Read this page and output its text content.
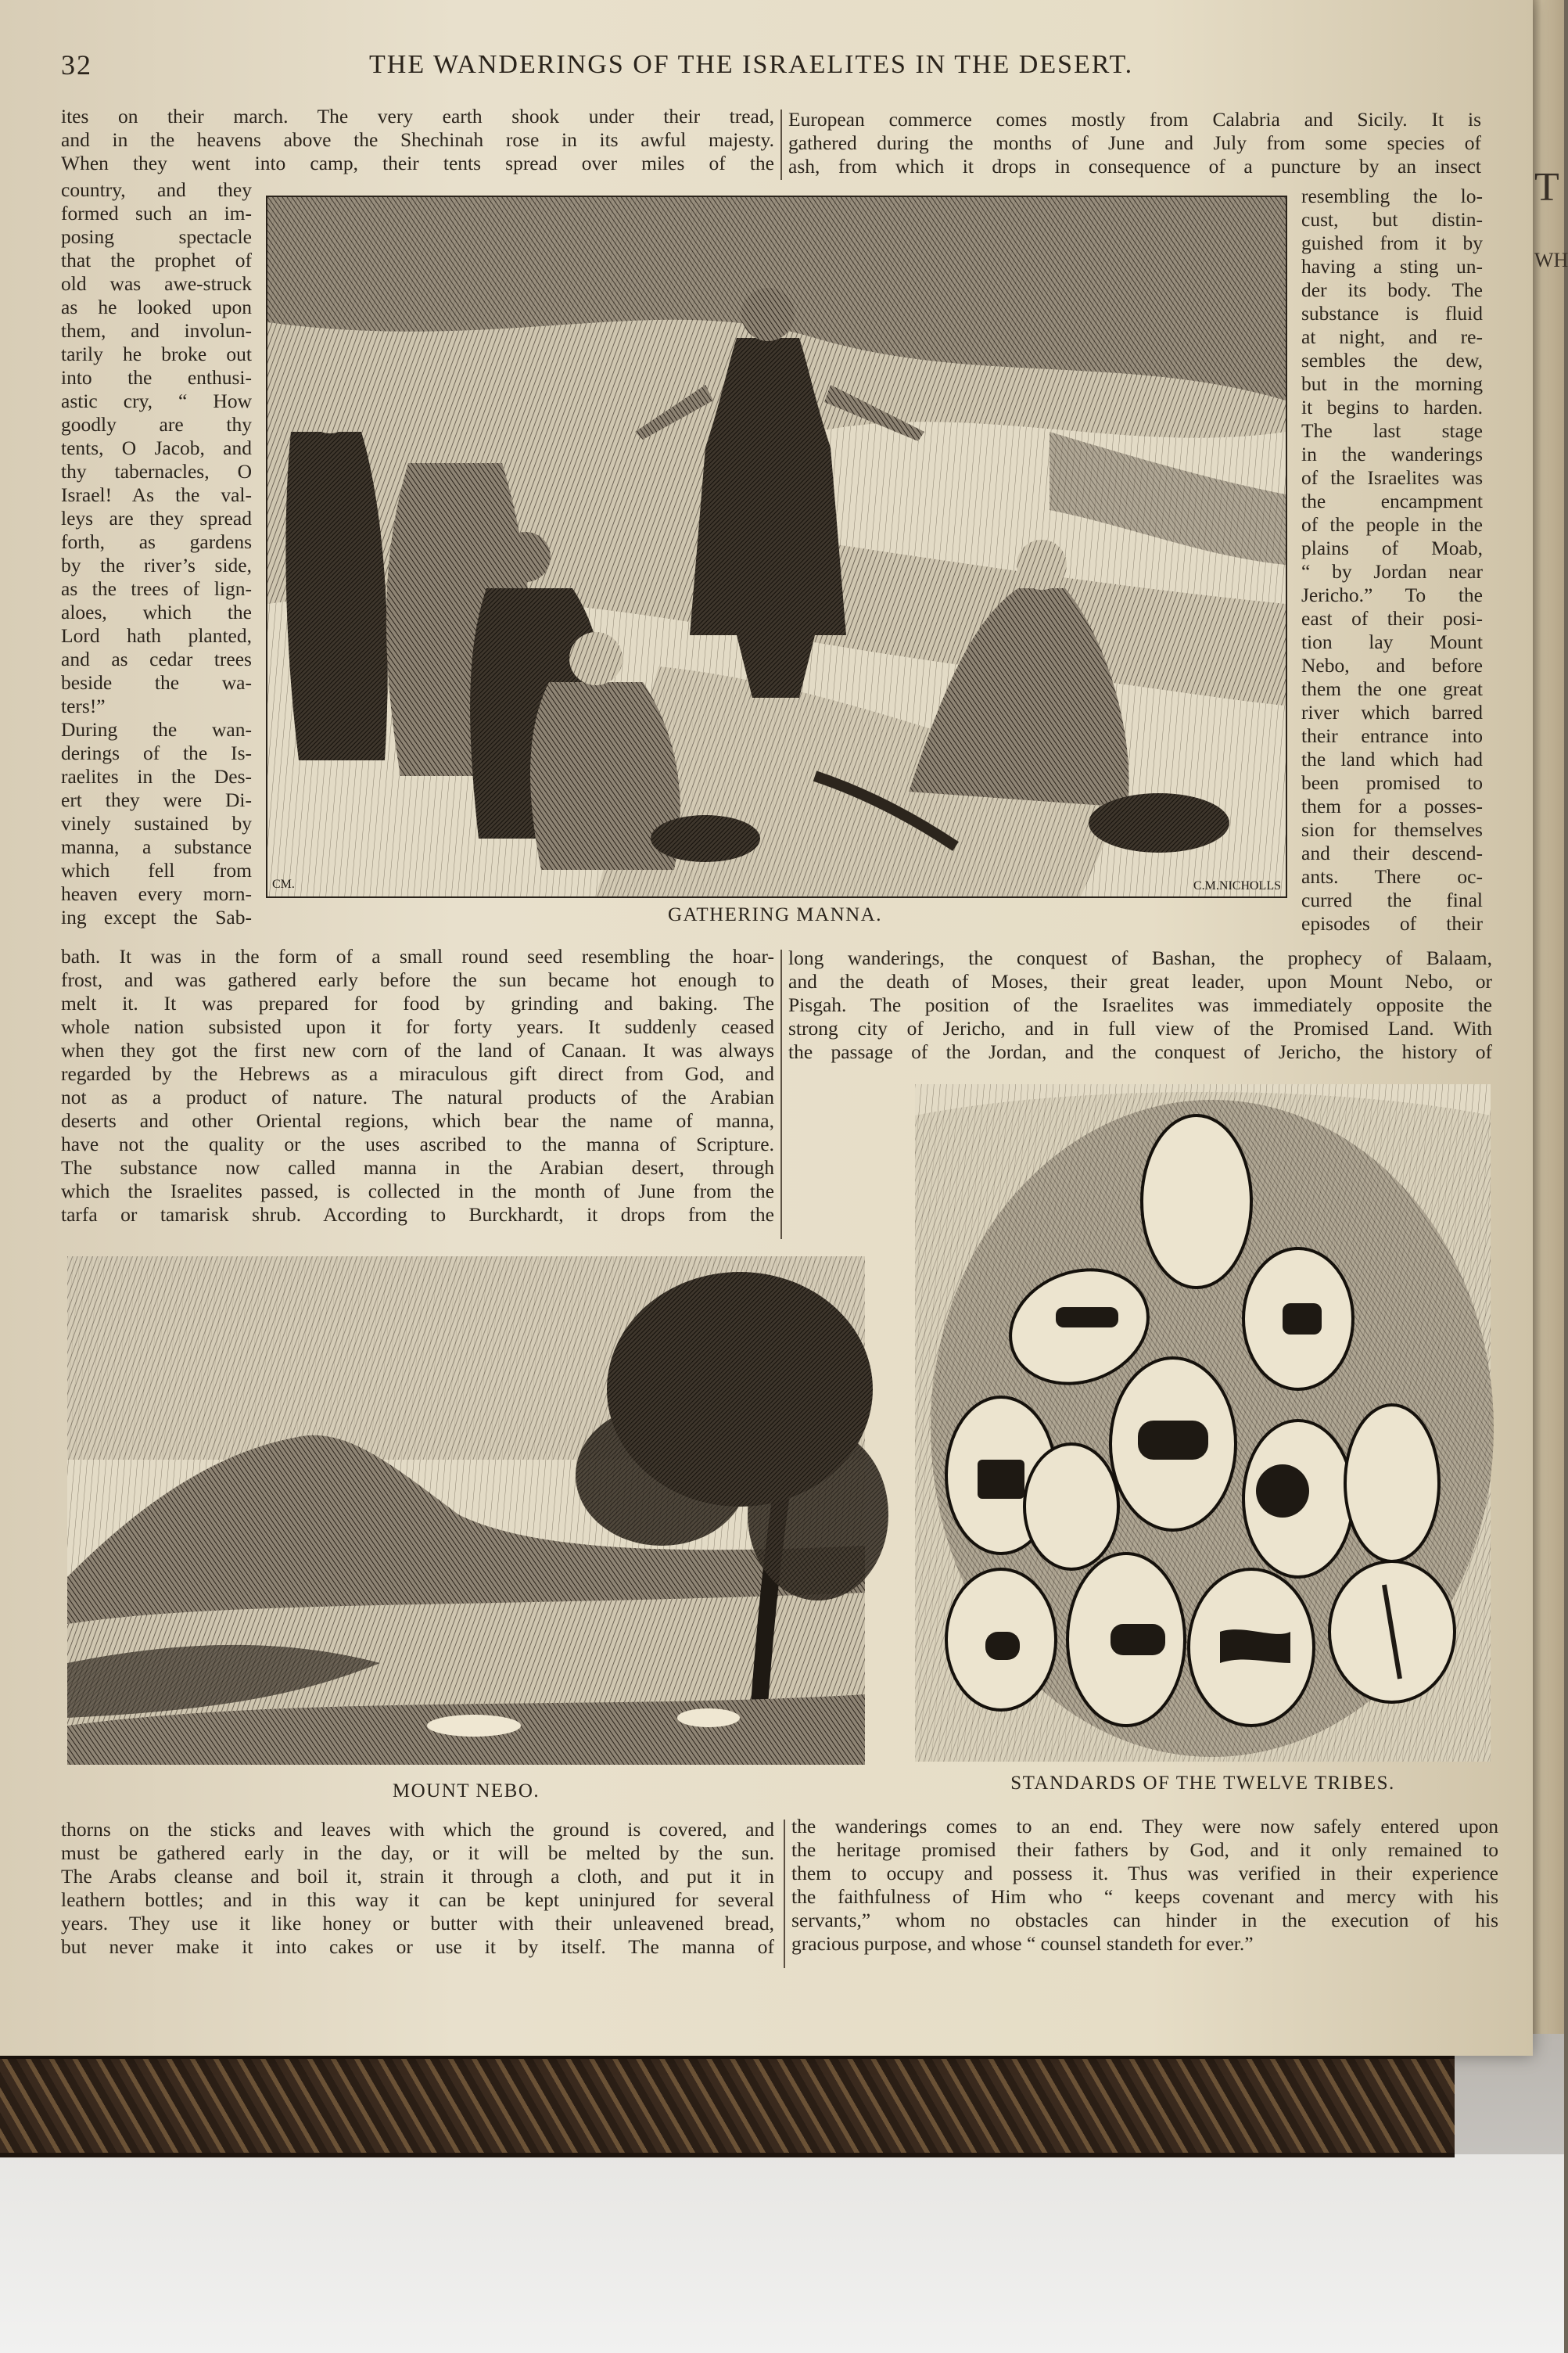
T
WH
32	THE WANDERINGS OF THE ISRAELITES IN THE DESERT.
ites on their march. The very earth shook under their tread,
and in the heavens above the Shechinah rose in its awful majesty.
When they went into camp, their tents spread over miles of the
European commerce comes mostly from Calabria and Sicily. It is
gathered during the months of June and July from some species of
ash, from which it drops in consequence of a puncture by an insect
country, and they
formed such an im-
posing spectacle
that the prophet of
old was awe-struck
as he looked upon
them, and involun-
tarily he broke out
into the enthusi-
astic cry, “ How
goodly are thy
tents, O Jacob, and
thy tabernacles, O
Israel! As the val-
leys are they spread
forth, as gardens
by the river’s side,
as the trees of lign-
aloes, which the
Lord hath planted,
and as cedar trees
beside the wa-
ters!”
During the wan-
derings of the Is-
raelites in the Des-
ert they were Di-
vinely sustained by
manna, a substance
which fell from
heaven every morn-
ing except the Sab-
resembling the lo-
cust, but distin-
guished from it by
having a sting un-
der its body. The
substance is fluid
at night, and re-
sembles the dew,
but in the morning
it begins to harden.
The last stage
in the wanderings
of the Israelites was
the encampment
of the people in the
plains of Moab,
“ by Jordan near
Jericho.” To the
east of their posi-
tion lay Mount
Nebo, and before
them the one great
river which barred
their entrance into
the land which had
been promised to
them for a posses-
sion for themselves
and their descend-
ants. There oc-
curred the final
episodes of their
CM.	C.M.NICHOLLS
GATHERING MANNA.
bath. It was in the form of a small round seed resembling the hoar-
frost, and was gathered early before the sun became hot enough to
melt it. It was prepared for food by grinding and baking. The
whole nation subsisted upon it for forty years. It suddenly ceased
when they got the first new corn of the land of Canaan. It was always
regarded by the Hebrews as a miraculous gift direct from God, and
not as a product of nature. The natural products of the Arabian
deserts and other Oriental regions, which bear the name of manna,
have not the quality or the uses ascribed to the manna of Scripture.
The substance now called manna in the Arabian desert, through
which the Israelites passed, is collected in the month of June from the
tarfa or tamarisk shrub. According to Burckhardt, it drops from the
long wanderings, the conquest of Bashan, the prophecy of Balaam,
and the death of Moses, their great leader, upon Mount Nebo, or
Pisgah. The position of the Israelites was immediately opposite the
strong city of Jericho, and in full view of the Promised Land. With
the passage of the Jordan, and the conquest of Jericho, the history of
MOUNT NEBO.	STANDARDS OF THE TWELVE TRIBES.
thorns on the sticks and leaves with which the ground is covered, and
must be gathered early in the day, or it will be melted by the sun.
The Arabs cleanse and boil it, strain it through a cloth, and put it in
leathern bottles; and in this way it can be kept uninjured for several
years. They use it like honey or butter with their unleavened bread,
but never make it into cakes or use it by itself. The manna of
the wanderings comes to an end. They were now safely entered upon
the heritage promised their fathers by God, and it only remained to
them to occupy and possess it. Thus was verified in their experience
the faithfulness of Him who “ keeps covenant and mercy with his
servants,” whom no obstacles can hinder in the execution of his
gracious purpose, and whose “ counsel standeth for ever.”
